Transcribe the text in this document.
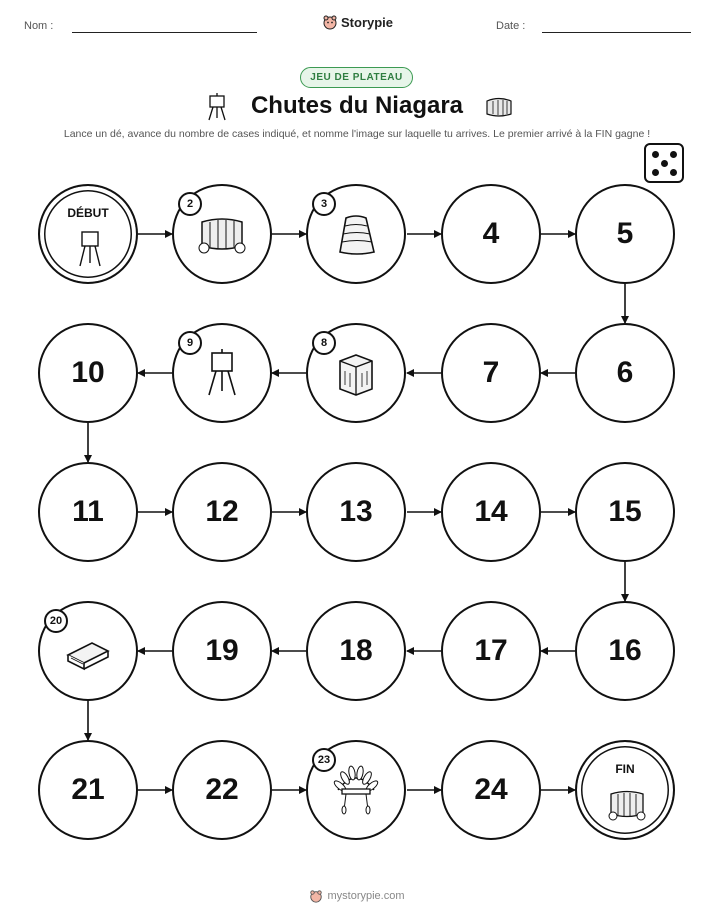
Nom :	Storypie	Date :
JEU DE PLATEAU
Chutes du Niagara
Lance un dé, avance du nombre de cases indiqué, et nomme l'image sur laquelle tu arrives. Le premier arrivé à la FIN gagne !
DÉBUT
2	3
4	5
10
9	8
7	6
11	12	13	14	15
20
19	18	17	16
21	22
23
24
FIN
mystorypie.com
